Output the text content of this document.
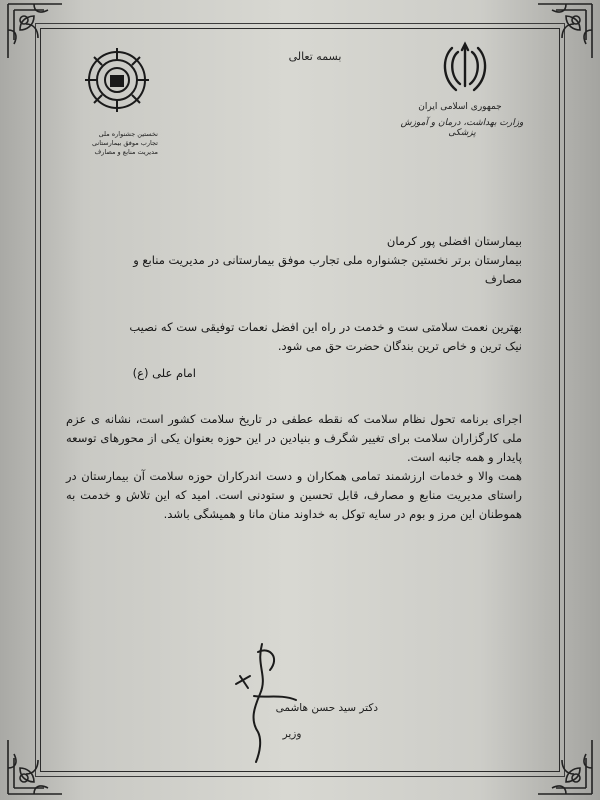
بسمه تعالی
جمهوری اسلامی ایران
وزارت بهداشت، درمان و آموزش پزشکی
نخستین جشنواره ملی
تجارب موفق بیمارستانی
مدیریت منابع و مصارف
بیمارستان افضلی پور کرمان
بیمارستان برتر نخستین جشنواره ملی تجارب موفق بیمارستانی در مدیریت منابع و
مصارف
بهترین نعمت سلامتی ست و خدمت در راه این افضل نعمات توفیقی ست که نصیب
نیک ترین و خاص ترین بندگان حضرت حق می شود.
امام علی (ع)

اجرای برنامه تحول نظام سلامت که نقطه عطفی در تاریخ سلامت کشور است، نشانه ی عزم ملی کارگزاران سلامت برای تغییر شگرف و بنیادین در این حوزه بعنوان یکی از محورهای توسعه پایدار و همه جانبه است.

همت والا و خدمات ارزشمند تمامی همکاران و دست اندرکاران حوزه سلامت آن بیمارستان در راستای مدیریت منابع و مصارف، قابل تحسین و ستودنی است. امید که این تلاش و خدمت به هموطنان این مرز و بوم در سایه توکل به خداوند منان مانا و همیشگی باشد.

دکتر سید حسن هاشمی
وزیر
